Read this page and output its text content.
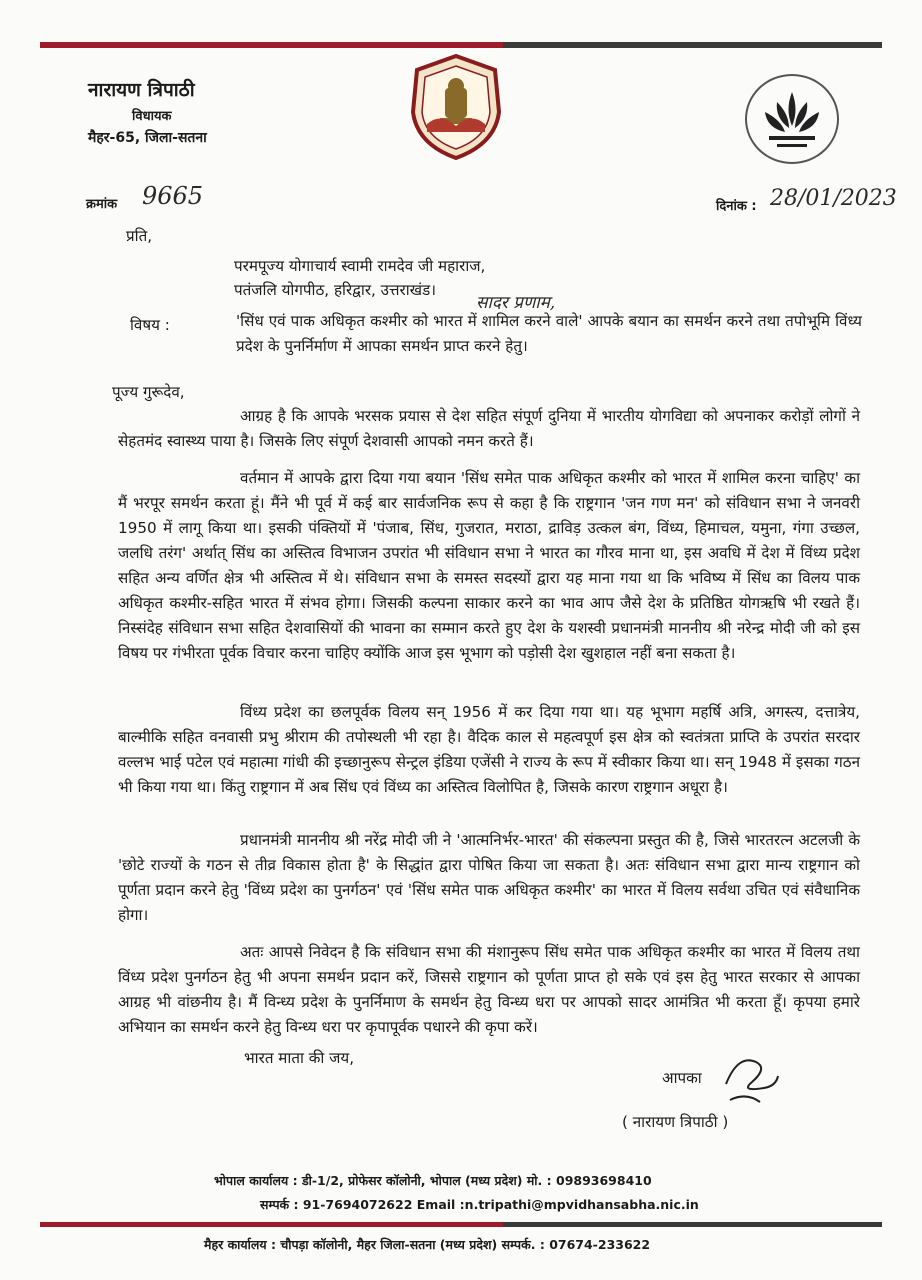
नारायण त्रिपाठी
विधायक
मैहर-65, जिला-सतना
क्रमांक 9665	दिनांक : 28/01/2023
प्रति,
परमपूज्य योगाचार्य स्वामी रामदेव जी महाराज,
पतंजलि योगपीठ, हरिद्वार, उत्तराखंड।
सादर प्रणाम,
विषय :	'सिंध एवं पाक अधिकृत कश्मीर को भारत में शामिल करने वाले' आपके बयान का समर्थन करने तथा तपोभूमि विंध्य प्रदेश के पुनर्निर्माण में आपका समर्थन प्राप्त करने हेतु।
पूज्य गुरूदेव,
आग्रह है कि आपके भरसक प्रयास से देश सहित संपूर्ण दुनिया में भारतीय योगविद्या को अपनाकर करोड़ों लोगों ने सेहतमंद स्वास्थ्य पाया है। जिसके लिए संपूर्ण देशवासी आपको नमन करते हैं।
वर्तमान में आपके द्वारा दिया गया बयान 'सिंध समेत पाक अधिकृत कश्मीर को भारत में शामिल करना चाहिए' का मैं भरपूर समर्थन करता हूं। मैंने भी पूर्व में कई बार सार्वजनिक रूप से कहा है कि राष्ट्रगान 'जन गण मन' को संविधान सभा ने जनवरी 1950 में लागू किया था। इसकी पंक्तियों में 'पंजाब, सिंध, गुजरात, मराठा, द्राविड़ उत्कल बंग, विंध्य, हिमाचल, यमुना, गंगा उच्छल, जलधि तरंग' अर्थात् सिंध का अस्तित्व विभाजन उपरांत भी संविधान सभा ने भारत का गौरव माना था, इस अवधि में देश में विंध्य प्रदेश सहित अन्य वर्णित क्षेत्र भी अस्तित्व में थे। संविधान सभा के समस्त सदस्यों द्वारा यह माना गया था कि भविष्य में सिंध का विलय पाक अधिकृत कश्मीर-सहित भारत में संभव होगा। जिसकी कल्पना साकार करने का भाव आप जैसे देश के प्रतिष्ठित योगऋषि भी रखते हैं। निस्संदेह संविधान सभा सहित देशवासियों की भावना का सम्मान करते हुए देश के यशस्वी प्रधानमंत्री माननीय श्री नरेन्द्र मोदी जी को इस विषय पर गंभीरता पूर्वक विचार करना चाहिए क्योंकि आज इस भूभाग को पड़ोसी देश खुशहाल नहीं बना सकता है।
विंध्य प्रदेश का छलपूर्वक विलय सन् 1956 में कर दिया गया था। यह भूभाग महर्षि अत्रि, अगस्त्य, दत्तात्रेय, बाल्मीकि सहित वनवासी प्रभु श्रीराम की तपोस्थली भी रहा है। वैदिक काल से महत्वपूर्ण इस क्षेत्र को स्वतंत्रता प्राप्ति के उपरांत सरदार वल्लभ भाई पटेल एवं महात्मा गांधी की इच्छानुरूप सेन्ट्रल इंडिया एजेंसी ने राज्य के रूप में स्वीकार किया था। सन् 1948 में इसका गठन भी किया गया था। किंतु राष्ट्रगान में अब सिंध एवं विंध्य का अस्तित्व विलोपित है, जिसके कारण राष्ट्रगान अधूरा है।
प्रधानमंत्री माननीय श्री नरेंद्र मोदी जी ने 'आत्मनिर्भर-भारत' की संकल्पना प्रस्तुत की है, जिसे भारतरत्न अटलजी के 'छोटे राज्यों के गठन से तीव्र विकास होता है' के सिद्धांत द्वारा पोषित किया जा सकता है। अतः संविधान सभा द्वारा मान्य राष्ट्रगान को पूर्णता प्रदान करने हेतु 'विंध्य प्रदेश का पुनर्गठन' एवं 'सिंध समेत पाक अधिकृत कश्मीर' का भारत में विलय सर्वथा उचित एवं संवैधानिक होगा।
अतः आपसे निवेदन है कि संविधान सभा की मंशानुरूप सिंध समेत पाक अधिकृत कश्मीर का भारत में विलय तथा विंध्य प्रदेश पुनर्गठन हेतु भी अपना समर्थन प्रदान करें, जिससे राष्ट्रगान को पूर्णता प्राप्त हो सके एवं इस हेतु भारत सरकार से आपका आग्रह भी वांछनीय है। मैं विन्ध्य प्रदेश के पुनर्निमाण के समर्थन हेतु विन्ध्य धरा पर आपको सादर आमंत्रित भी करता हूँ। कृपया हमारे अभियान का समर्थन करने हेतु विन्ध्य धरा पर कृपापूर्वक पधारने की कृपा करें।
भारत माता की जय,
आपका
( नारायण त्रिपाठी )
भोपाल कार्यालय : डी-1/2, प्रोफेसर कॉलोनी, भोपाल (मध्य प्रदेश) मो. : 09893698410
सम्पर्क : 91-7694072622 Email :n.tripathi@mpvidhansabha.nic.in
मैहर कार्यालय : चौपड़ा कॉलोनी, मैहर जिला-सतना (मध्य प्रदेश) सम्पर्क. : 07674-233622
